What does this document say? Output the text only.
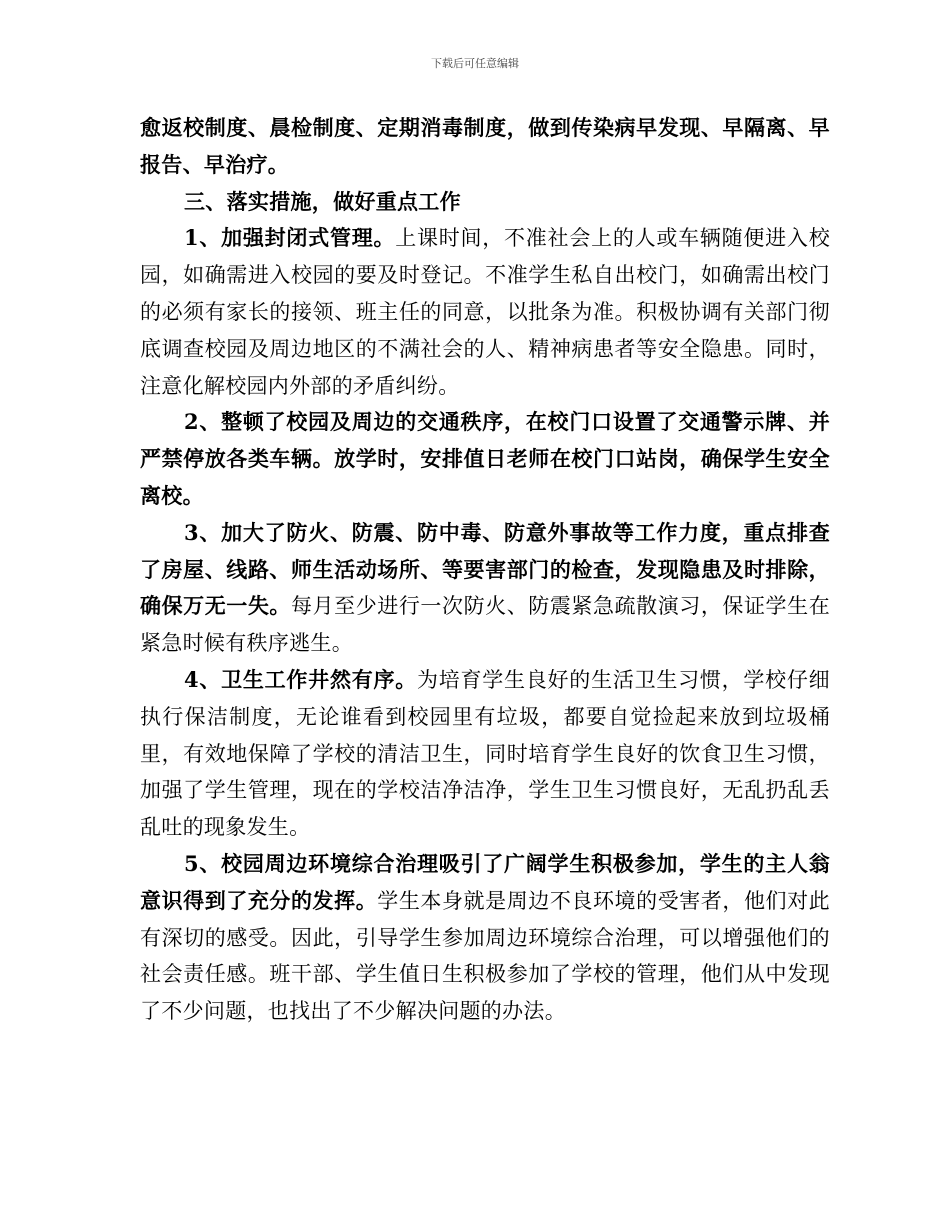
下载后可任意编辑

愈返校制度、晨检制度、定期消毒制度，做到传染病早发现、早隔离、早报告、早治疗。

三、落实措施，做好重点工作

1、加强封闭式管理。上课时间，不准社会上的人或车辆随便进入校园，如确需进入校园的要及时登记。不准学生私自出校门，如确需出校门的必须有家长的接领、班主任的同意，以批条为准。积极协调有关部门彻底调查校园及周边地区的不满社会的人、精神病患者等安全隐患。同时，注意化解校园内外部的矛盾纠纷。

2、整顿了校园及周边的交通秩序，在校门口设置了交通警示牌、并严禁停放各类车辆。放学时，安排值日老师在校门口站岗，确保学生安全离校。

3、加大了防火、防震、防中毒、防意外事故等工作力度，重点排查了房屋、线路、师生活动场所、等要害部门的检查，发现隐患及时排除，确保万无一失。每月至少进行一次防火、防震紧急疏散演习，保证学生在紧急时候有秩序逃生。

4、卫生工作井然有序。为培育学生良好的生活卫生习惯，学校仔细执行保洁制度，无论谁看到校园里有垃圾，都要自觉捡起来放到垃圾桶里，有效地保障了学校的清洁卫生，同时培育学生良好的饮食卫生习惯，加强了学生管理，现在的学校洁净洁净，学生卫生习惯良好，无乱扔乱丢乱吐的现象发生。

5、校园周边环境综合治理吸引了广阔学生积极参加，学生的主人翁意识得到了充分的发挥。学生本身就是周边不良环境的受害者，他们对此有深切的感受。因此，引导学生参加周边环境综合治理，可以增强他们的社会责任感。班干部、学生值日生积极参加了学校的管理，他们从中发现了不少问题，也找出了不少解决问题的办法。
